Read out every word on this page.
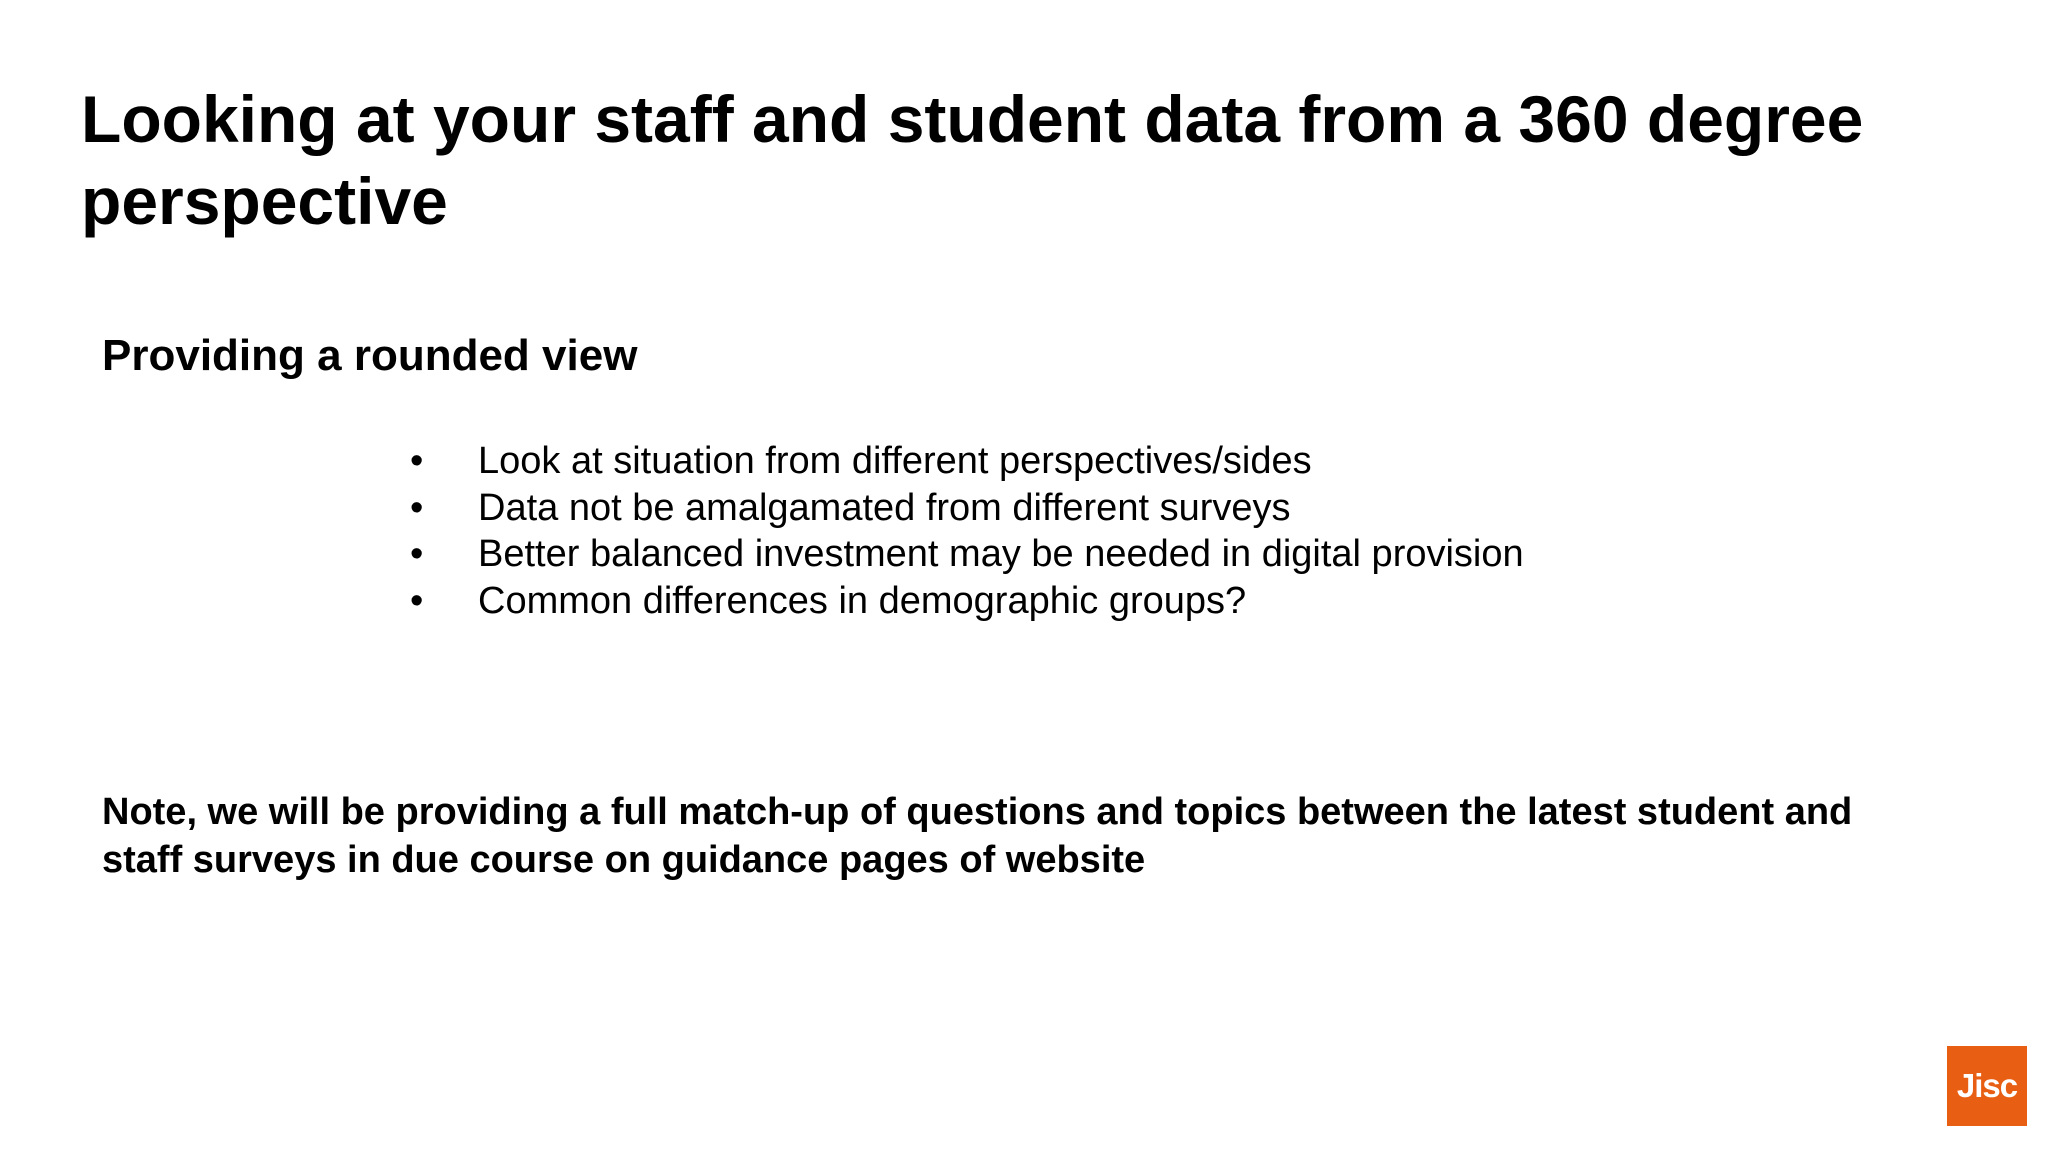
Looking at your staff and student data from a 360 degree perspective
Providing a rounded view
•	Look at situation from different perspectives/sides
•	Data not be amalgamated from different surveys
•	Better balanced investment may be needed in digital provision
•	Common differences in demographic groups?

Note, we will be providing a full match-up of questions and topics between the latest student and staff surveys in due course on guidance pages of website

Jisc
